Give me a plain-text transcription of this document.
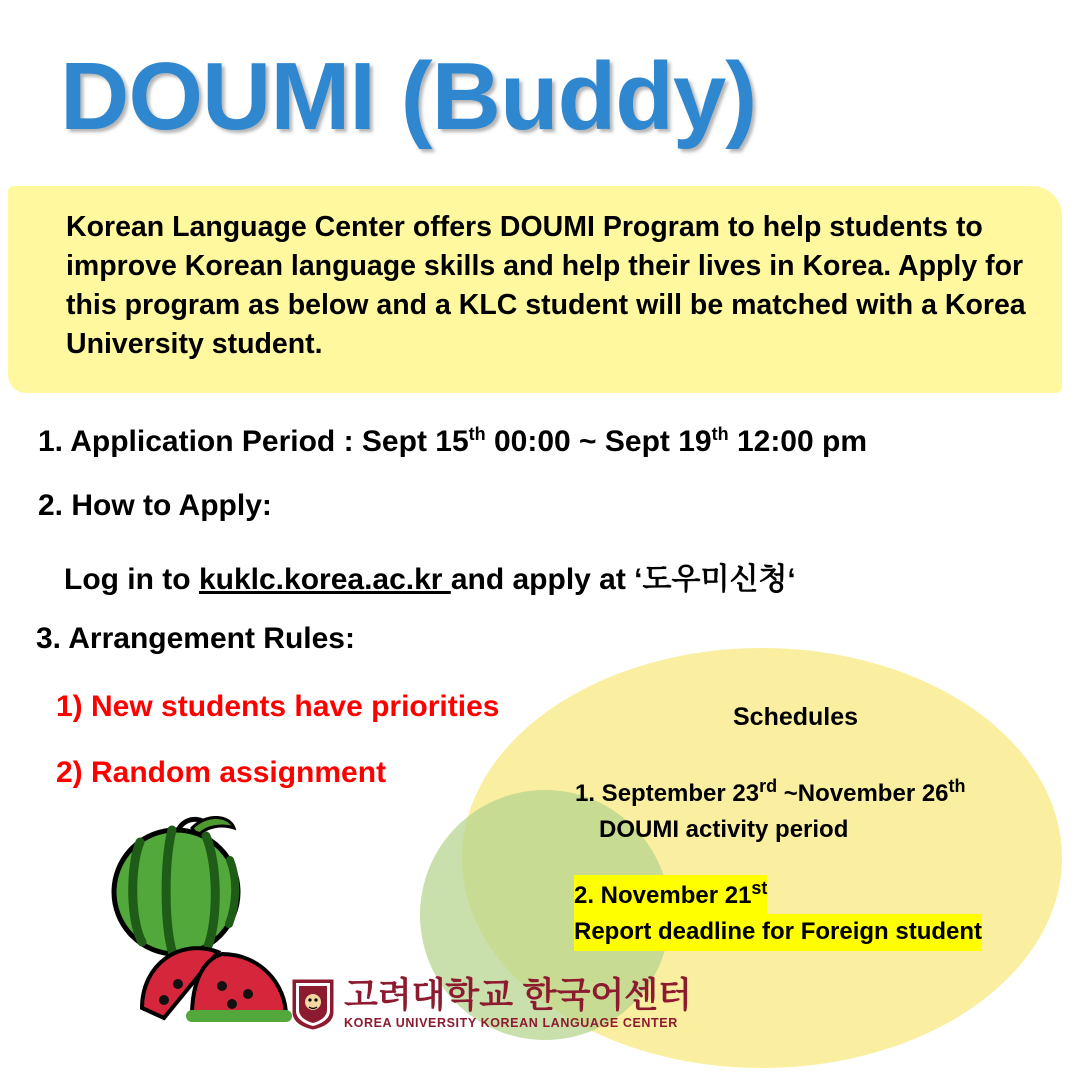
DOUMI (Buddy)
Korean Language Center offers DOUMI Program to help students to improve Korean language skills and help their lives in Korea. Apply for this program as below and a KLC student will be matched with a Korea University student.
1. Application Period : Sept 15th 00:00 ~ Sept 19th 12:00 pm
2. How to Apply:
Log in to kuklc.korea.ac.kr and apply at ‘도우미신청‘
3. Arrangement Rules:
1) New students have priorities
2) Random assignment
Schedules
1. September 23rd ~November 26th
DOUMI activity period
2. November 21st
Report deadline for Foreign student
고려대학교 한국어센터
KOREA UNIVERSITY KOREAN LANGUAGE CENTER
